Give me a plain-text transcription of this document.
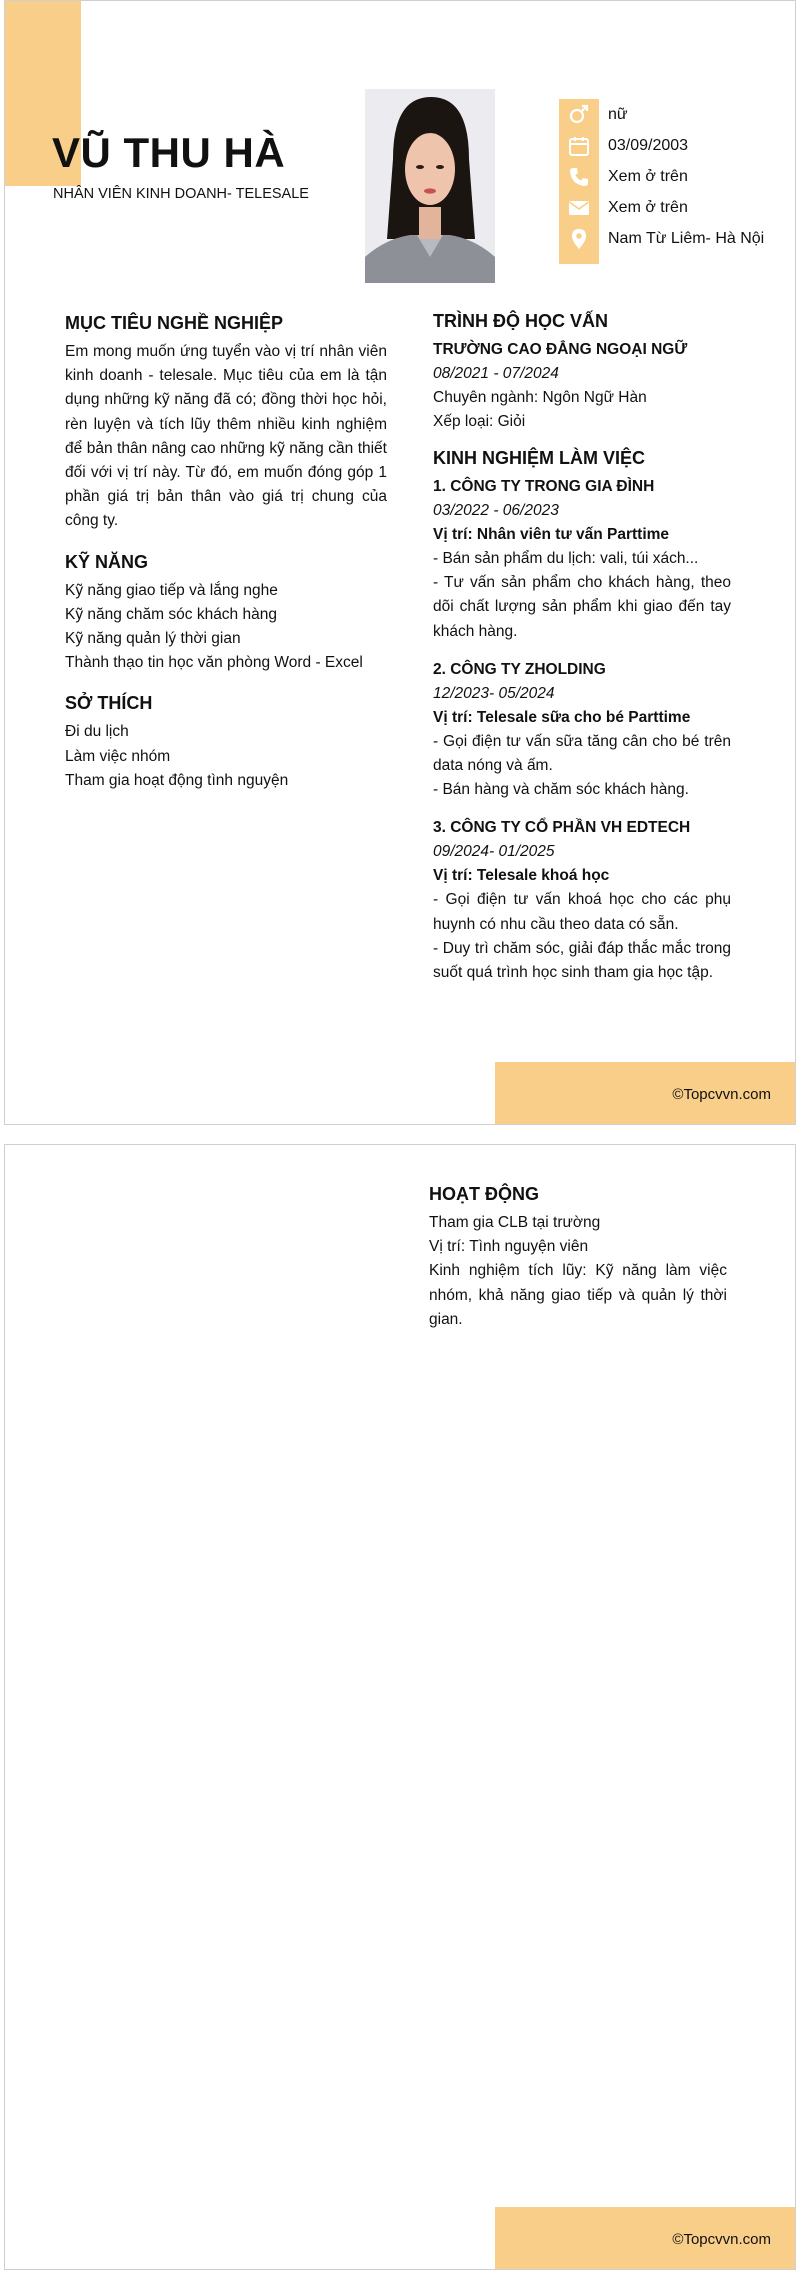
VŨ THU HÀ

NHÂN VIÊN KINH DOANH- TELESALE

nữ
03/09/2003
Xem ở trên
Xem ở trên
Nam Từ Liêm- Hà Nội
MỤC TIÊU NGHỀ NGHIỆP

Em mong muốn ứng tuyển vào vị trí nhân viên kinh doanh - telesale. Mục tiêu của em là tận dụng những kỹ năng đã có; đồng thời học hỏi, rèn luyện và tích lũy thêm nhiều kinh nghiệm để bản thân nâng cao những kỹ năng cần thiết đối với vị trí này. Từ đó, em muốn đóng góp 1 phần giá trị bản thân vào giá trị chung của công ty.

KỸ NĂNG
Kỹ năng giao tiếp và lắng nghe
Kỹ năng chăm sóc khách hàng
Kỹ năng quản lý thời gian
Thành thạo tin học văn phòng Word - Excel
SỞ THÍCH
Đi du lịch
Làm việc nhóm
Tham gia hoạt động tình nguyện
TRÌNH ĐỘ HỌC VẤN
TRƯỜNG CAO ĐẲNG NGOẠI NGỮ
08/2021 - 07/2024
Chuyên ngành: Ngôn Ngữ Hàn
Xếp loại: Giỏi
KINH NGHIỆM LÀM VIỆC
1. CÔNG TY TRONG GIA ĐÌNH
03/2022 - 06/2023
Vị trí: Nhân viên tư vấn Parttime

- Bán sản phẩm du lịch: vali, túi xách...

- Tư vấn sản phẩm cho khách hàng, theo dõi chất lượng sản phẩm khi giao đến tay khách hàng.

2. CÔNG TY ZHOLDING
12/2023- 05/2024
Vị trí: Telesale sữa cho bé Parttime

- Gọi điện tư vấn sữa tăng cân cho bé trên data nóng và ấm.

- Bán hàng và chăm sóc khách hàng.

3. CÔNG TY CỔ PHẦN VH EDTECH
09/2024- 01/2025
Vị trí: Telesale khoá học

- Gọi điện tư vấn khoá học cho các phụ huynh có nhu cầu theo data có sẵn.

- Duy trì chăm sóc, giải đáp thắc mắc trong suốt quá trình học sinh tham gia học tập.

©Topcvvn.com
HOẠT ĐỘNG

Tham gia CLB tại trường

Vị trí: Tình nguyện viên

Kinh nghiệm tích lũy: Kỹ năng làm việc nhóm, khả năng giao tiếp và quản lý thời gian.

©Topcvvn.com
